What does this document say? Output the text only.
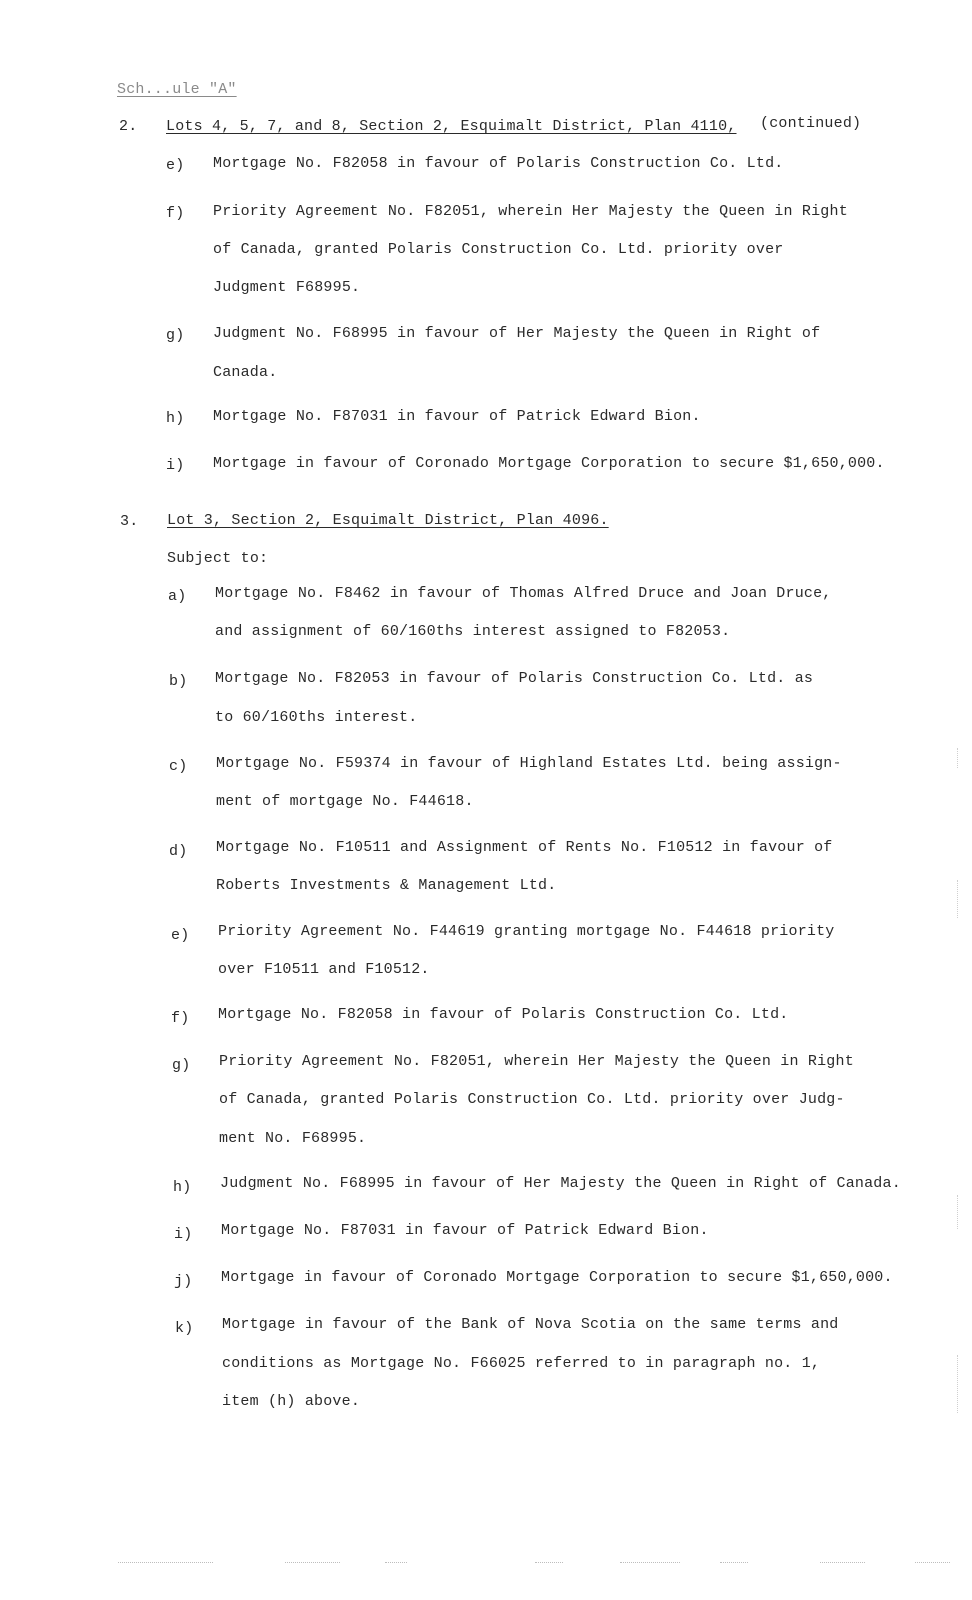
Sch...ule "A"
2. Lots 4, 5, 7, and 8, Section 2, Esquimalt District, Plan 4110, (continued)
e) Mortgage No. F82058 in favour of Polaris Construction Co. Ltd.
f) Priority Agreement No. F82051, wherein Her Majesty the Queen in Right
of Canada, granted Polaris Construction Co. Ltd. priority over
Judgment F68995.
g) Judgment No. F68995 in favour of Her Majesty the Queen in Right of
Canada.
h) Mortgage No. F87031 in favour of Patrick Edward Bion.
i) Mortgage in favour of Coronado Mortgage Corporation to secure $1,650,000.
3. Lot 3, Section 2, Esquimalt District, Plan 4096.
Subject to:
a) Mortgage No. F8462 in favour of Thomas Alfred Druce and Joan Druce,
and assignment of 60/160ths interest assigned to F82053.
b) Mortgage No. F82053 in favour of Polaris Construction Co. Ltd. as
to 60/160ths interest.
c) Mortgage No. F59374 in favour of Highland Estates Ltd. being assign-
ment of mortgage No. F44618.
d) Mortgage No. F10511 and Assignment of Rents No. F10512 in favour of
Roberts Investments & Management Ltd.
e) Priority Agreement No. F44619 granting mortgage No. F44618 priority
over F10511 and F10512.
f) Mortgage No. F82058 in favour of Polaris Construction Co. Ltd.
g) Priority Agreement No. F82051, wherein Her Majesty the Queen in Right
of Canada, granted Polaris Construction Co. Ltd. priority over Judg-
ment No. F68995.
h) Judgment No. F68995 in favour of Her Majesty the Queen in Right of Canada.
i) Mortgage No. F87031 in favour of Patrick Edward Bion.
j) Mortgage in favour of Coronado Mortgage Corporation to secure $1,650,000.
k) Mortgage in favour of the Bank of Nova Scotia on the same terms and
conditions as Mortgage No. F66025 referred to in paragraph no. 1,
item (h) above.
